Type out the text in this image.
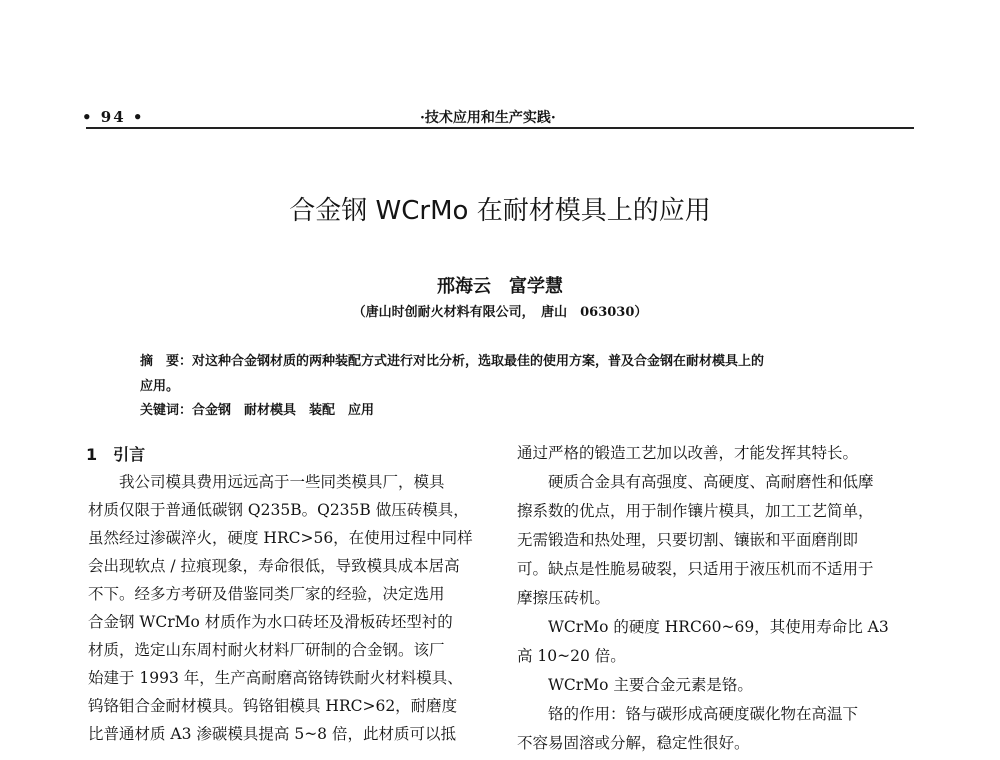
• 94 •	·技术应用和生产实践·
合金钢 WCrMo 在耐材模具上的应用
邢海云　富学慧
（唐山时创耐火材料有限公司，　唐山　063030）
摘　要：对这种合金钢材质的两种装配方式进行对比分析，选取最佳的使用方案，普及合金钢在耐材模具上的
应用。
关键词：合金钢　耐材模具　装配　应用
1　引言
　　我公司模具费用远远高于一些同类模具厂，模具
材质仅限于普通低碳钢 Q235B。Q235B 做压砖模具，
虽然经过渗碳淬火，硬度 HRC>56，在使用过程中同样
会出现软点 / 拉痕现象，寿命很低，导致模具成本居高
不下。经多方考研及借鉴同类厂家的经验，决定选用
合金钢 WCrMo 材质作为水口砖坯及滑板砖坯型衬的
材质，选定山东周村耐火材料厂研制的合金钢。该厂
始建于 1993 年，生产高耐磨高铬铸铁耐火材料模具、
钨铬钼合金耐材模具。钨铬钼模具 HRC>62，耐磨度
比普通材质 A3 渗碳模具提高 5~8 倍，此材质可以抵
通过严格的锻造工艺加以改善，才能发挥其特长。
　　硬质合金具有高强度、高硬度、高耐磨性和低摩
擦系数的优点，用于制作镶片模具，加工工艺简单，
无需锻造和热处理，只要切割、镶嵌和平面磨削即
可。缺点是性脆易破裂，只适用于液压机而不适用于
摩擦压砖机。
　　WCrMo 的硬度 HRC60~69，其使用寿命比 A3
高 10~20 倍。
　　WCrMo 主要合金元素是铬。
　　铬的作用：铬与碳形成高硬度碳化物在高温下
不容易固溶或分解，稳定性很好。
